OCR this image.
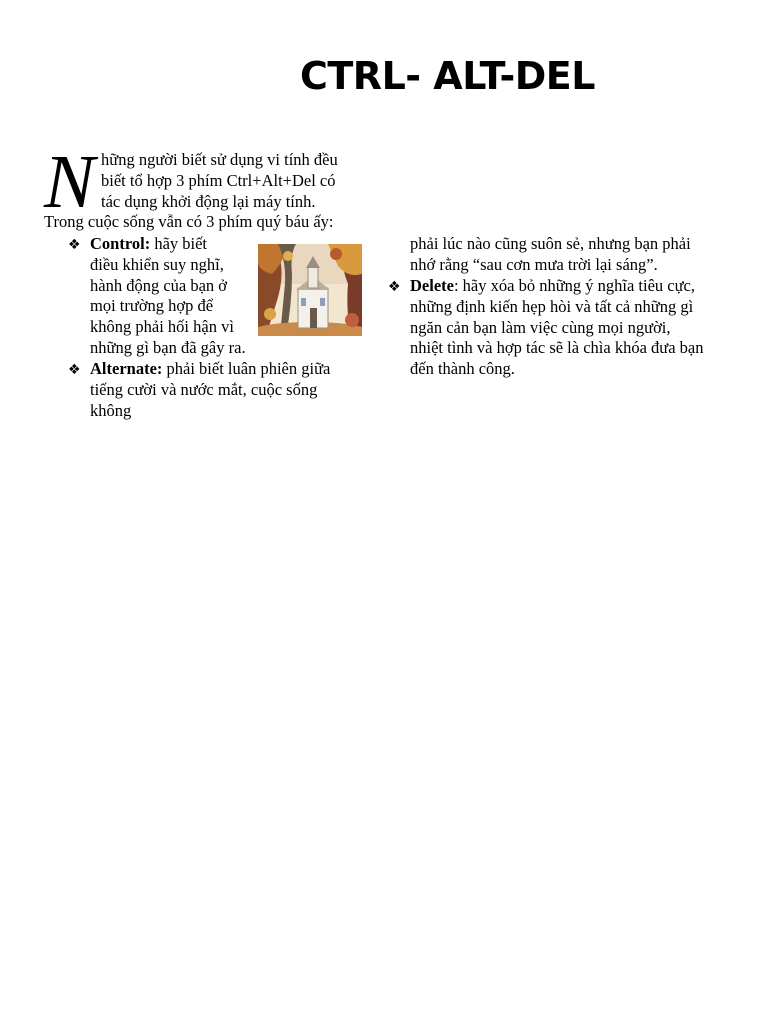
CTRL- ALT-DEL
N hững người biết sử dụng vi tính đều
biết tổ hợp 3 phím Ctrl+Alt+Del có
tác dụng khởi động lại máy tính.
Trong cuộc sống vẫn có 3 phím quý báu ấy:
❖ Control: hãy biết
điều khiển suy nghĩ,
hành động của bạn ở
mọi trường hợp để
không phải hối hận vì
những gì bạn đã gây ra.
❖ Alternate: phải biết luân phiên giữa
tiếng cười và nước mắt, cuộc sống
không
phải lúc nào cũng suôn sẻ, nhưng bạn phải
nhớ rằng “sau cơn mưa trời lại sáng”.
❖ Delete: hãy xóa bỏ những ý nghĩa tiêu cực,
những định kiến hẹp hòi và tất cả những gì
ngăn cản bạn làm việc cùng mọi người,
nhiệt tình và hợp tác sẽ là chìa khóa đưa bạn
đến thành công.
